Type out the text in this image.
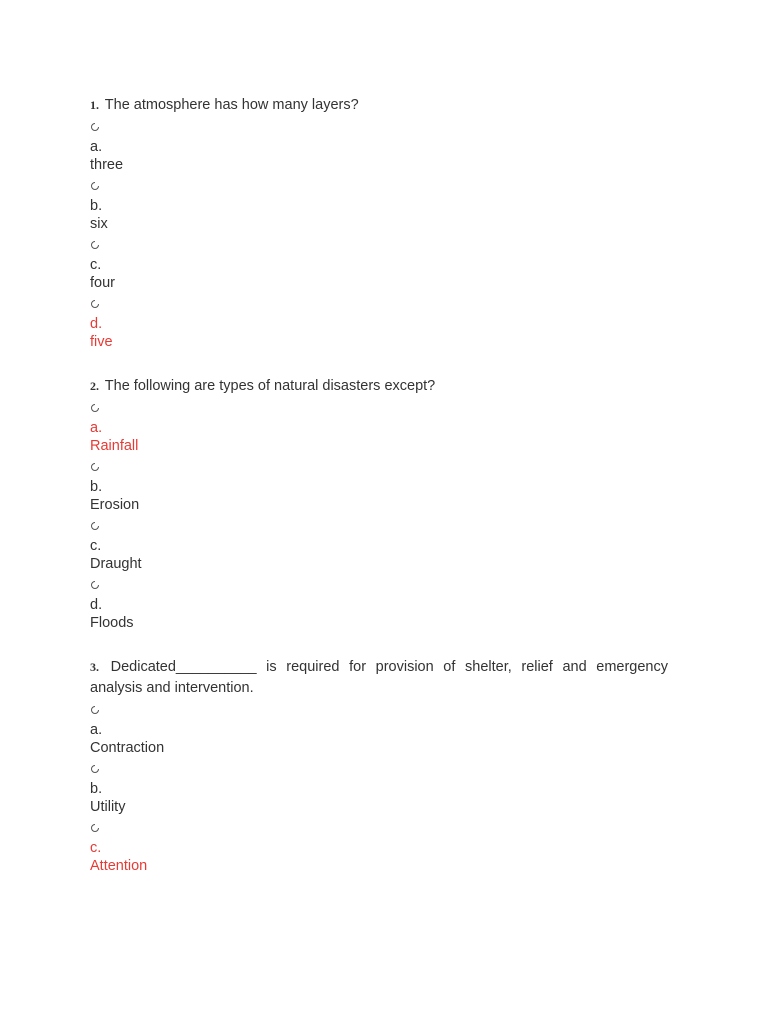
1. The atmosphere has how many layers?
a.
three
b.
six
c.
four
d.
five
2. The following are types of natural disasters except?
a.
Rainfall
b.
Erosion
c.
Draught
d.
Floods
3. Dedicated__________ is required for provision of shelter, relief and emergency analysis and intervention.
a.
Contraction
b.
Utility
c.
Attention
